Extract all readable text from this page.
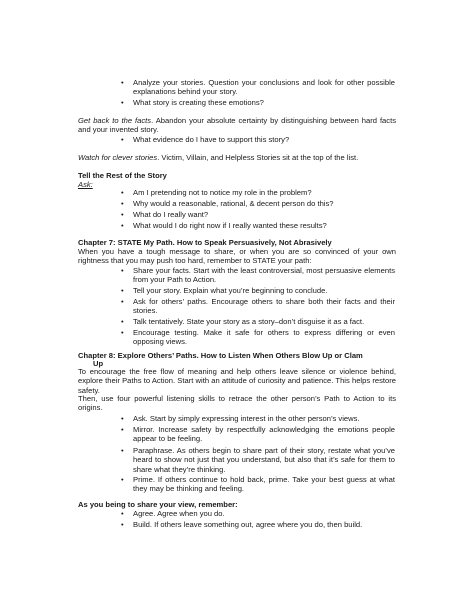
• Analyze your stories. Question your conclusions and look for other possible explanations behind your story.
• What story is creating these emotions?

Get back to the facts. Abandon your absolute certainty by distinguishing between hard facts and your invented story.

• What evidence do I have to support this story?

Watch for clever stories. Victim, Villain, and Helpless Stories sit at the top of the list.

Tell the Rest of the Story

Ask:

• Am I pretending not to notice my role in the problem?
• Why would a reasonable, rational, & decent person do this?
• What do I really want?
• What would I do right now if I really wanted these results?

Chapter 7: STATE My Path. How to Speak Persuasively, Not Abrasively

When you have a tough message to share, or when you are so convinced of your own rightness that you may push too hard, remember to STATE your path:

• Share your facts. Start with the least controversial, most persuasive elements from your Path to Action.
• Tell your story. Explain what you’re beginning to conclude.
• Ask for others’ paths. Encourage others to share both their facts and their stories.
• Talk tentatively. State your story as a story–don’t disguise it as a fact.
• Encourage testing. Make it safe for others to express differing or even opposing views.

Chapter 8: Explore Others’ Paths. How to Listen When Others Blow Up or Clam

Up

To encourage the free flow of meaning and help others leave silence or violence behind, explore their Paths to Action. Start with an attitude of curiosity and patience. This helps restore safety.

Then, use four powerful listening skills to retrace the other person’s Path to Action to its origins.

• Ask. Start by simply expressing interest in the other person’s views.
• Mirror. Increase safety by respectfully acknowledging the emotions people appear to be feeling.
• Paraphrase. As others begin to share part of their story, restate what you’ve heard to show not just that you understand, but also that it’s safe for them to share what they’re thinking.
• Prime. If others continue to hold back, prime. Take your best guess at what they may be thinking and feeling.

As you being to share your view, remember:

• Agree. Agree when you do.
• Build. If others leave something out, agree where you do, then build.
